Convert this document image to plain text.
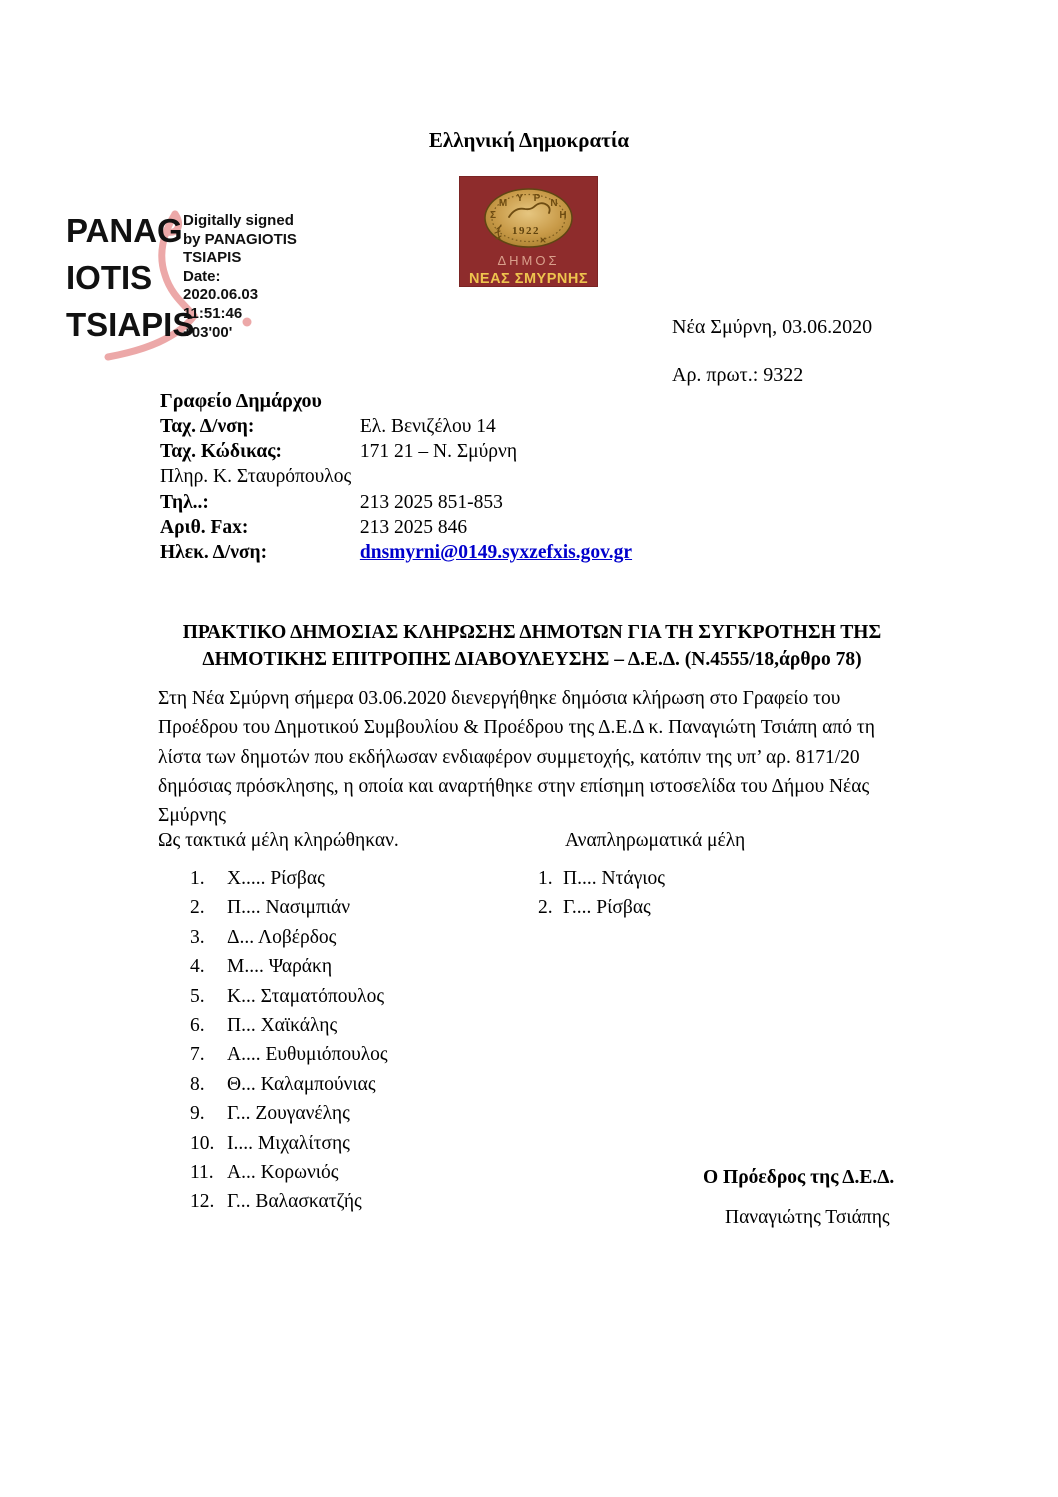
Ελληνική Δημοκρατία
PANAG
IOTIS
TSIAPIS
Digitally signed
by PANAGIOTIS
TSIAPIS
Date:
2020.06.03
11:51:46
+03'00'
Σ
Μ Υ Ρ Ν
Η
1922
ΔΗΜΟΣ
ΝΕΑΣ ΣΜΥΡΝΗΣ
Νέα Σμύρνη, 03.06.2020
Αρ. πρωτ.: 9322
Γραφείο Δημάρχου
Ταχ. Δ/νση:	Ελ. Βενιζέλου 14
Ταχ. Κώδικας:	171 21 – Ν. Σμύρνη
Πληρ. Κ. Σταυρόπουλος
Τηλ..:	213 2025 851-853
Αριθ. Fax:	213 2025 846
Ηλεκ. Δ/νση:	dnsmyrni@0149.syxzefxis.gov.gr
ΠΡΑΚΤΙΚΟ ΔΗΜΟΣΙΑΣ ΚΛΗΡΩΣΗΣ ΔΗΜΟΤΩΝ ΓΙΑ ΤΗ ΣΥΓΚΡΟΤΗΣΗ ΤΗΣ
ΔΗΜΟΤΙΚΗΣ ΕΠΙΤΡΟΠΗΣ ΔΙΑΒΟΥΛΕΥΣΗΣ – Δ.Ε.Δ. (Ν.4555/18,άρθρο 78)
Στη Νέα Σμύρνη σήμερα 03.06.2020 διενεργήθηκε δημόσια κλήρωση στο Γραφείο του Προέδρου του Δημοτικού Συμβουλίου & Προέδρου της Δ.Ε.Δ κ. Παναγιώτη Τσιάπη από τη λίστα των δημοτών που εκδήλωσαν ενδιαφέρον συμμετοχής, κατόπιν της υπ’ αρ. 8171/20 δημόσιας πρόσκλησης, η οποία και αναρτήθηκε στην επίσημη ιστοσελίδα του Δήμου Νέας Σμύρνης
Ως τακτικά μέλη κληρώθηκαν.	Αναπληρωματικά μέλη
1. Χ..... Ρίσβας
2. Π.... Νασιμπιάν
3. Δ... Λοβέρδος
4. Μ.... Ψαράκη
5. Κ... Σταματόπουλος
6. Π... Χαϊκάλης
7. Α.... Ευθυμιόπουλος
8. Θ... Καλαμπούνιας
9. Γ... Ζουγανέλης
10. Ι.... Μιχαλίτσης
11. Α... Κορωνιός
12. Γ... Βαλασκατζής
1. Π.... Ντάγιος
2. Γ.... Ρίσβας
Ο Πρόεδρος της Δ.Ε.Δ.
Παναγιώτης Τσιάπης
